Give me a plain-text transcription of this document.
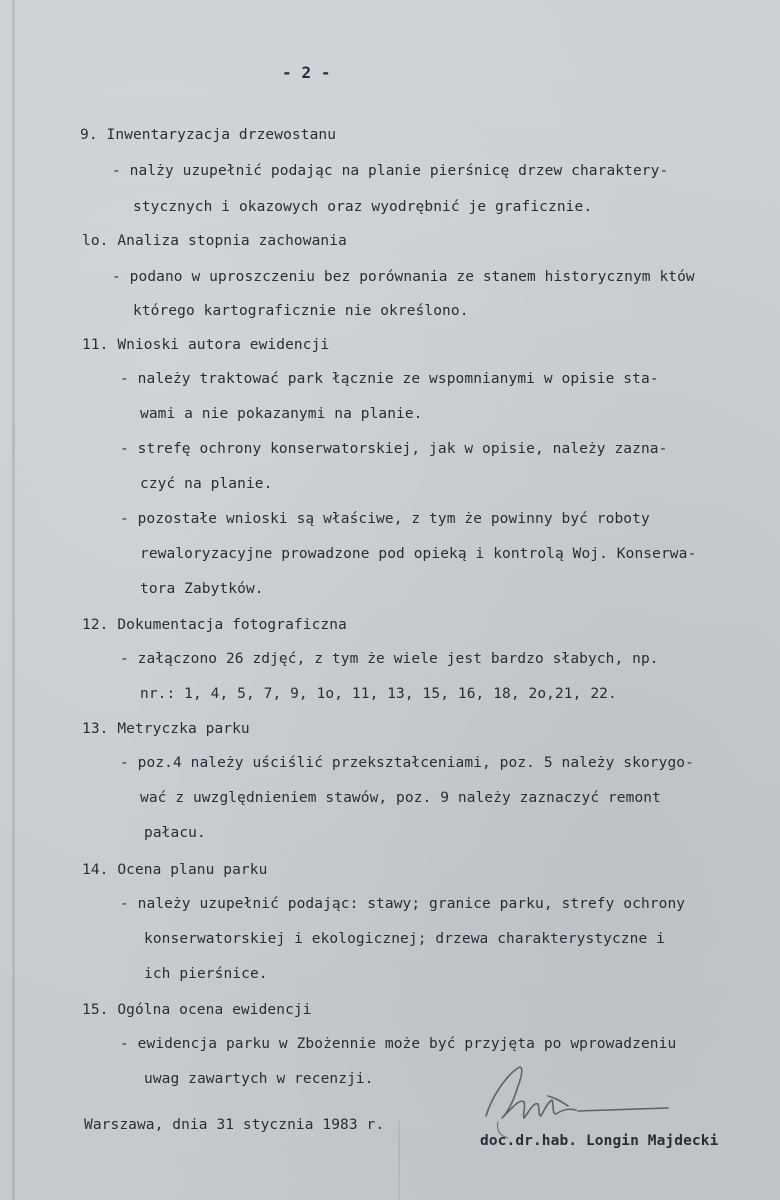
- 2 -
9. Inwentaryzacja drzewostanu
- nalży uzupełnić podając na planie pierśnicę drzew charaktery-
stycznych i okazowych oraz wyodrębnić je graficznie.
lo. Analiza stopnia zachowania
- podano w uproszczeniu bez porównania ze stanem historycznym któw
którego kartograficznie nie określono.
11. Wnioski autora ewidencji
- należy traktować park łącznie ze wspomnianymi w opisie sta-
wami a nie pokazanymi na planie.
- strefę ochrony konserwatorskiej, jak w opisie, należy zazna-
czyć na planie.
- pozostałe wnioski są właściwe, z tym że powinny być roboty
rewaloryzacyjne prowadzone pod opieką i kontrolą Woj. Konserwa-
tora Zabytków.
12. Dokumentacja fotograficzna
- załączono 26 zdjęć, z tym że wiele jest bardzo słabych, np.
nr.: 1, 4, 5, 7, 9, 1o, 11, 13, 15, 16, 18, 2o,21, 22.
13. Metryczka parku
- poz.4 należy uściślić przekształceniami, poz. 5 należy skorygo-
wać z uwzględnieniem stawów, poz. 9 należy zaznaczyć remont
pałacu.
14. Ocena planu parku
- należy uzupełnić podając: stawy; granice parku, strefy ochrony
konserwatorskiej i ekologicznej; drzewa charakterystyczne i
ich pierśnice.
15. Ogólna ocena ewidencji
- ewidencja parku w Zbożennie może być przyjęta po wprowadzeniu
uwag zawartych w recenzji.
Warszawa, dnia 31 stycznia 1983 r.
doc.dr.hab. Longin Majdecki
